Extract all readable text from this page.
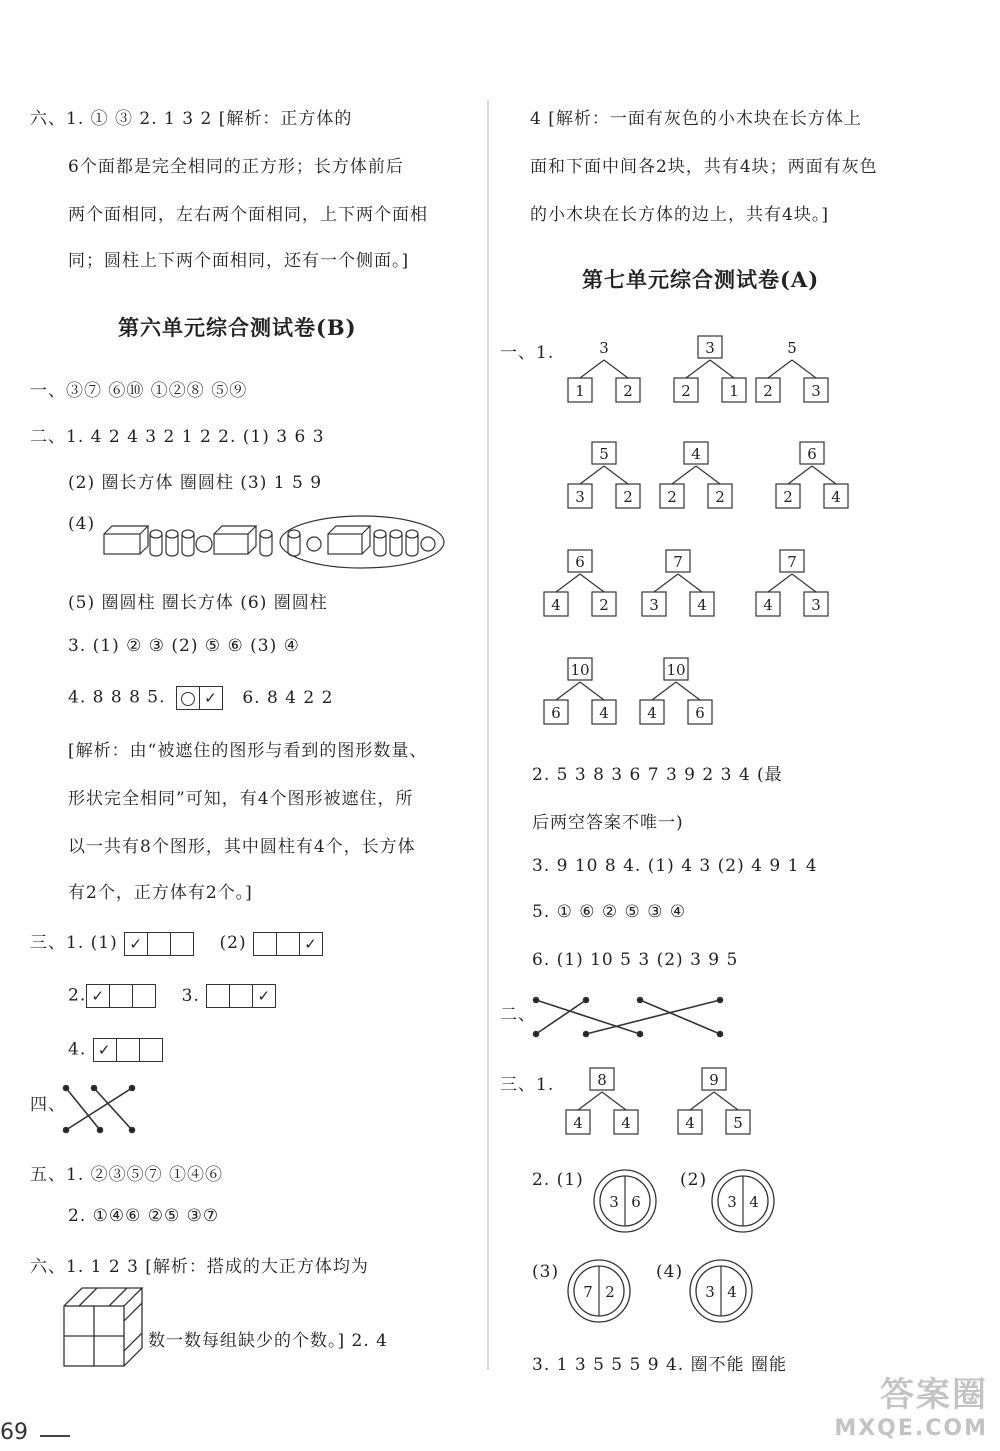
六、1. ① ③ 2. 1 3 2 [解析：正方体的
6个面都是完全相同的正方形；长方体前后
两个面相同，左右两个面相同，上下两个面相
同；圆柱上下两个面相同，还有一个侧面。]
第六单元综合测试卷(B)
一、③⑦ ⑥⑩ ①②⑧ ⑤⑨
二、1. 4 2 4 3 2 1 2 2. (1) 3 6 3
(2) 圈长方体 圈圆柱 (3) 1 5 9
(4)
(5) 圈圆柱 圈长方体 (6) 圈圆柱
3. (1) ② ③ (2) ⑤ ⑥ (3) ④
4. 8 8 8 5.	✓ 6. 8 4 2 2
[解析：由“被遮住的图形与看到的图形数量、
形状完全相同”可知，有4个图形被遮住，所
以一共有8个图形，其中圆柱有4个，长方体
有2个，正方体有2个。]
三、1. (1) ✓	(2)	✓
2. ✓	3.	✓
4. ✓
四、
五、1. ②③⑤⑦ ①④⑥
2. ①④⑥ ②⑤ ③⑦
六、1. 1 2 3 [解析：搭成的大正方体均为
数一数每组缺少的个数。] 2. 4
4 [解析：一面有灰色的小木块在长方体上
面和下面中间各2块，共有4块；两面有灰色
的小木块在长方体的边上，共有4块。]
第七单元综合测试卷(A)
一、1.	3
1	2
3
2	1
5
2	3
5
3	2
4
2	2
6
2	4
6
4	2
7
3	4
7
4	3
10
6	4
10
4	6
8
4	4
9
4	5
2. 5 3 8 3 6 7 3 9 2 3 4 (最
后两空答案不唯一)
3. 9 10 8 4. (1) 4 3 (2) 4 9 1 4
5. ① ⑥ ② ⑤ ③ ④
6. (1) 10 5 3 (2) 3 9 5
二、
三、1.
2. (1)	(2)
(3)	(4)
3 6	3 4
7 2	3 4
3. 1 3 5 5 5 9 4. 圈不能 圈能
69
答案圈
MXQE.COM
